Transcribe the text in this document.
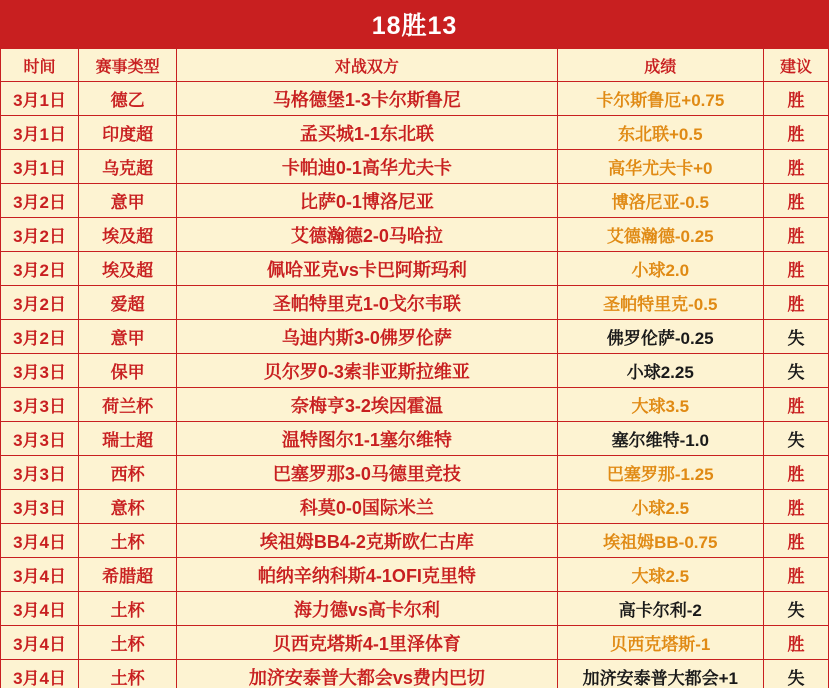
18胜13
时间	赛事类型	对战双方	成绩	建议
3月1日	德乙	马格德堡1-3卡尔斯鲁尼	卡尔斯鲁厄+0.75	胜
3月1日	印度超	孟买城1-1东北联	东北联+0.5	胜
3月1日	乌克超	卡帕迪0-1高华尤夫卡	高华尤夫卡+0	胜
3月2日	意甲	比萨0-1博洛尼亚	博洛尼亚-0.5	胜
3月2日	埃及超	艾德瀚德2-0马哈拉	艾德瀚德-0.25	胜
3月2日	埃及超	佩哈亚克vs卡巴阿斯玛利	小球2.0	胜
3月2日	爱超	圣帕特里克1-0戈尔韦联	圣帕特里克-0.5	胜
3月2日	意甲	乌迪内斯3-0佛罗伦萨	佛罗伦萨-0.25	失
3月3日	保甲	贝尔罗0-3索非亚斯拉维亚	小球2.25	失
3月3日	荷兰杯	奈梅亨3-2埃因霍温	大球3.5	胜
3月3日	瑞士超	温特图尔1-1塞尔维特	塞尔维特-1.0	失
3月3日	西杯	巴塞罗那3-0马德里竞技	巴塞罗那-1.25	胜
3月3日	意杯	科莫0-0国际米兰	小球2.5	胜
3月4日	土杯	埃祖姆BB4-2克斯欧仁古库	埃祖姆BB-0.75	胜
3月4日	希腊超	帕纳辛纳科斯4-1OFI克里特	大球2.5	胜
3月4日	土杯	海力德vs高卡尔利	高卡尔利-2	失
3月4日	土杯	贝西克塔斯4-1里泽体育	贝西克塔斯-1	胜
3月4日	土杯	加济安泰普大都会vs费内巴切	加济安泰普大都会+1	失
